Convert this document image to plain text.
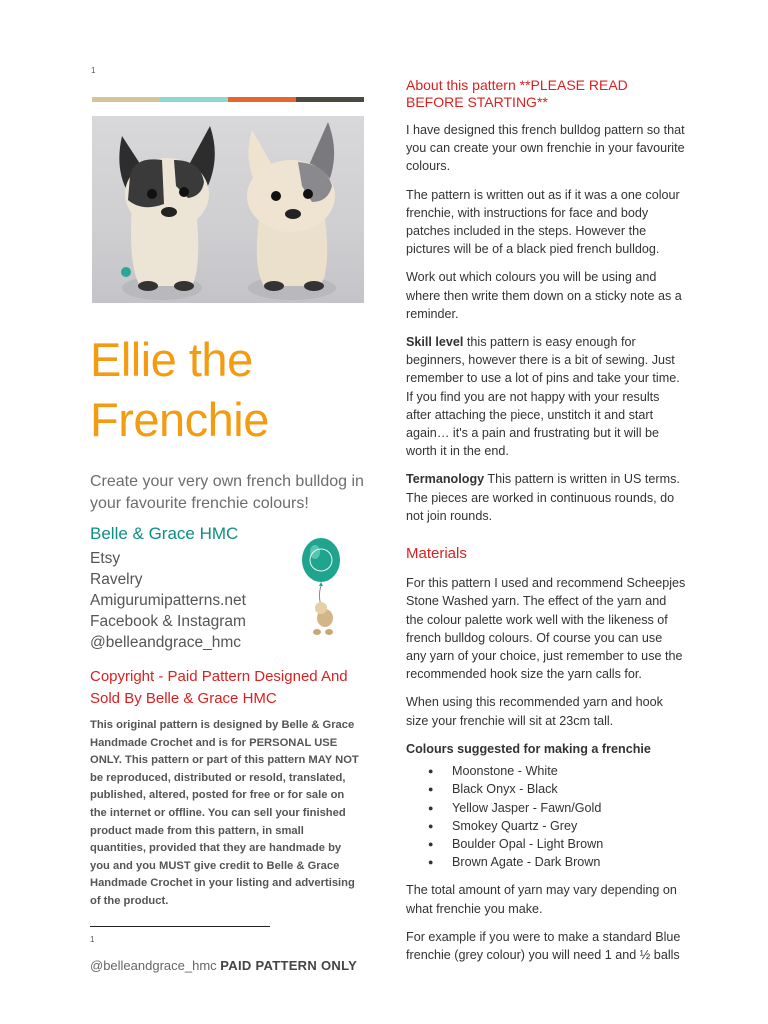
1
Ellie the Frenchie
Create your very own french bulldog in your favourite frenchie colours!
Belle & Grace HMC
Etsy
Ravelry
Amigurumipatterns.net
Facebook & Instagram
@belleandgrace_hmc
Copyright - Paid Pattern Designed And Sold By Belle & Grace HMC
This original pattern is designed by Belle & Grace Handmade Crochet and is for PERSONAL USE ONLY. This pattern or part of this pattern MAY NOT be reproduced, distributed or resold, translated, published, altered, posted for free or for sale on the internet or offline. You can sell your finished product made from this pattern, in small quantities, provided that they are handmade by you and you MUST give credit to Belle & Grace Handmade Crochet in your listing and advertising of the product.
1
@belleandgrace_hmc PAID PATTERN ONLY
About this pattern **PLEASE READ BEFORE STARTING**

I have designed this french bulldog pattern so that you can create your own frenchie in your favourite colours.

The pattern is written out as if it was a one colour frenchie, with instructions for face and body patches included in the steps. However the pictures will be of a black pied french bulldog.

Work out which colours you will be using and where then write them down on a sticky note as a reminder.

Skill level this pattern is easy enough for beginners, however there is a bit of sewing. Just remember to use a lot of pins and take your time. If you find you are not happy with your results after attaching the piece, unstitch it and start again… it's a pain and frustrating but it will be worth it in the end.

Termanology This pattern is written in US terms. The pieces are worked in continuous rounds, do not join rounds.

Materials

For this pattern I used and recommend Scheepjes Stone Washed yarn. The effect of the yarn and the colour palette work well with the likeness of french bulldog colours. Of course you can use any yarn of your choice, just remember to use the recommended hook size the yarn calls for.

When using this recommended yarn and hook size your frenchie will sit at 23cm tall.

Colours suggested for making a frenchie

● Moonstone - White
● Black Onyx - Black
● Yellow Jasper - Fawn/Gold
● Smokey Quartz - Grey
● Boulder Opal - Light Brown
● Brown Agate - Dark Brown

The total amount of yarn may vary depending on what frenchie you make.

For example if you were to make a standard Blue frenchie (grey colour) you will need 1 and ½ balls
